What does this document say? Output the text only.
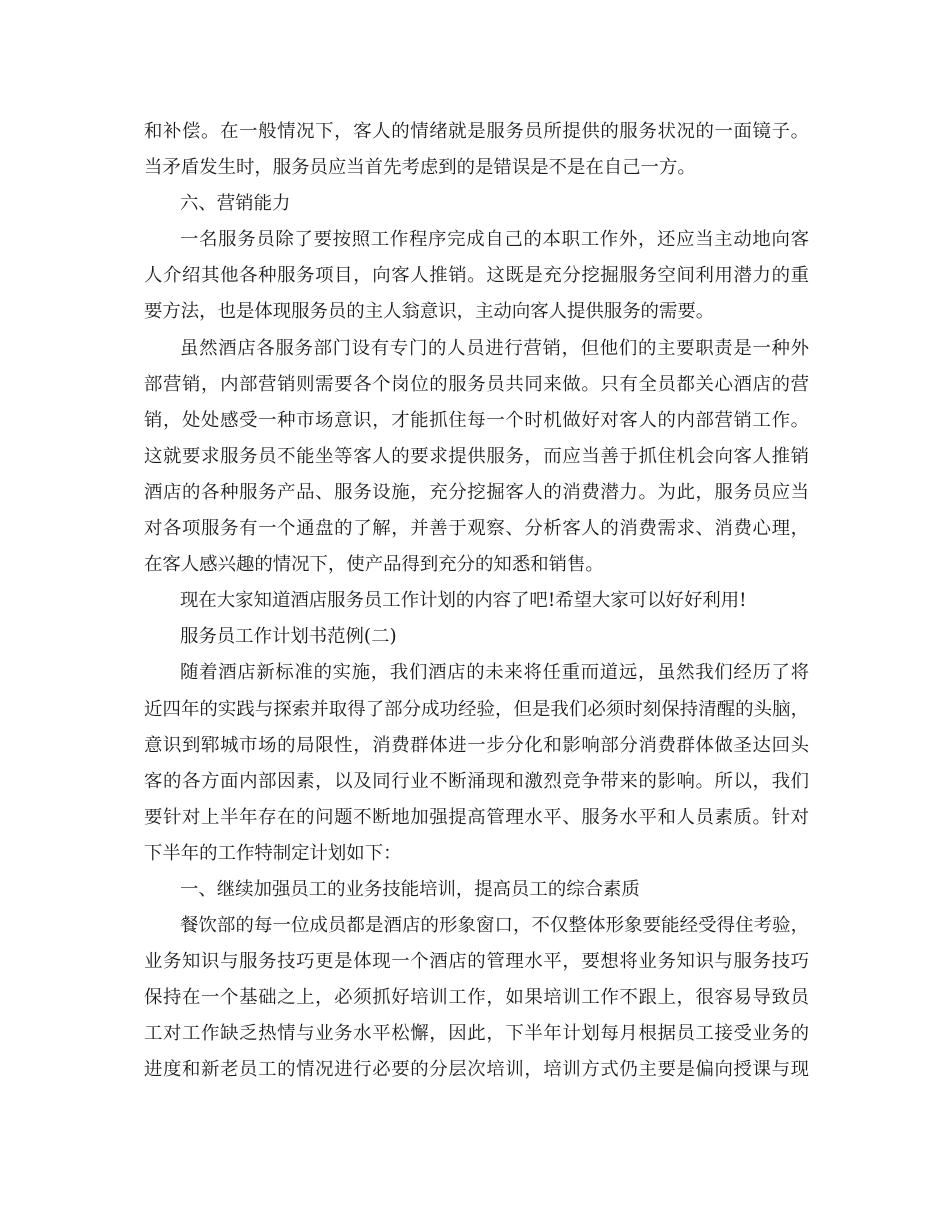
和补偿。在一般情况下，客人的情绪就是服务员所提供的服务状况的一面镜子。
当矛盾发生时，服务员应当首先考虑到的是错误是不是在自己一方。
六、营销能力
一名服务员除了要按照工作程序完成自己的本职工作外，还应当主动地向客
人介绍其他各种服务项目，向客人推销。这既是充分挖掘服务空间利用潜力的重
要方法，也是体现服务员的主人翁意识，主动向客人提供服务的需要。
虽然酒店各服务部门设有专门的人员进行营销，但他们的主要职责是一种外
部营销，内部营销则需要各个岗位的服务员共同来做。只有全员都关心酒店的营
销，处处感受一种市场意识，才能抓住每一个时机做好对客人的内部营销工作。
这就要求服务员不能坐等客人的要求提供服务，而应当善于抓住机会向客人推销
酒店的各种服务产品、服务设施，充分挖掘客人的消费潜力。为此，服务员应当
对各项服务有一个通盘的了解，并善于观察、分析客人的消费需求、消费心理，
在客人感兴趣的情况下，使产品得到充分的知悉和销售。
现在大家知道酒店服务员工作计划的内容了吧!希望大家可以好好利用!
服务员工作计划书范例(二)
随着酒店新标准的实施，我们酒店的未来将任重而道远，虽然我们经历了将
近四年的实践与探索并取得了部分成功经验，但是我们必须时刻保持清醒的头脑，
意识到郓城市场的局限性，消费群体进一步分化和影响部分消费群体做圣达回头
客的各方面内部因素，以及同行业不断涌现和激烈竞争带来的影响。所以，我们
要针对上半年存在的问题不断地加强提高管理水平、服务水平和人员素质。针对
下半年的工作特制定计划如下：
一、继续加强员工的业务技能培训，提高员工的综合素质
餐饮部的每一位成员都是酒店的形象窗口，不仅整体形象要能经受得住考验，
业务知识与服务技巧更是体现一个酒店的管理水平，要想将业务知识与服务技巧
保持在一个基础之上，必须抓好培训工作，如果培训工作不跟上，很容易导致员
工对工作缺乏热情与业务水平松懈，因此，下半年计划每月根据员工接受业务的
进度和新老员工的情况进行必要的分层次培训，培训方式仍主要是偏向授课与现
